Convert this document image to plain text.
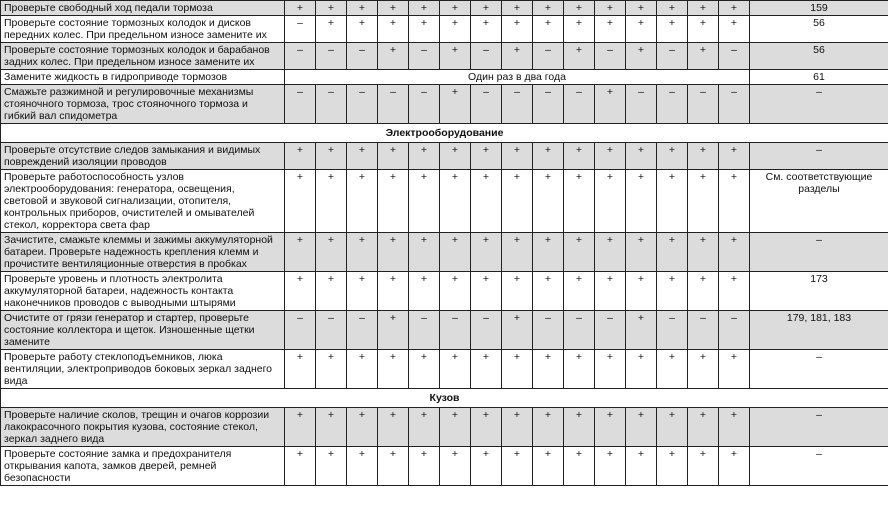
Проверьте свободный ход педали тормоза	+	+	+	+	+	+	+	+	+	+	+	+	+	+	+	159
Проверьте состояние тормозных колодок и дисков передних колес. При предельном износе замените их	–	+	+	+	+	+	+	+	+	+	+	+	+	+	+	56
Проверьте состояние тормозных колодок и барабанов задних колес. При предельном износе замените их	–	–	–	+	–	+	–	+	–	+	–	+	–	+	–	56
Замените жидкость в гидроприводе тормозов	Один раз в два года															61
Смажьте разжимной и регулировочные механизмы стояночного тормоза, трос стояночного тормоза и гибкий вал спидометра	–	–	–	–	–	+	–	–	–	–	+	–	–	–	–	–
Электрооборудование																
Проверьте отсутствие следов замыкания и видимых повреждений изоляции проводов	+	+	+	+	+	+	+	+	+	+	+	+	+	+	+	–
Проверьте работоспособность узлов электрооборудования: генератора, освещения, световой и звуковой сигнализации, отопителя, контрольных приборов, очистителей и омывателей стекол, корректора света фар	+	+	+	+	+	+	+	+	+	+	+	+	+	+	+	См. соответствующие разделы
Зачистите, смажьте клеммы и зажимы аккумуляторной батареи. Проверьте надежность крепления клемм и прочистите вентиляционные отверстия в пробках	+	+	+	+	+	+	+	+	+	+	+	+	+	+	+	–
Проверьте уровень и плотность электролита аккумуляторной батареи, надежность контакта наконечников проводов с выводными штырями	+	+	+	+	+	+	+	+	+	+	+	+	+	+	+	173
Очистите от грязи генератор и стартер, проверьте состояние коллектора и щеток. Изношенные щетки замените	–	–	–	+	–	–	–	+	–	–	–	+	–	–	–	179, 181, 183
Проверьте работу стеклоподъемников, люка вентиляции, электроприводов боковых зеркал заднего вида	+	+	+	+	+	+	+	+	+	+	+	+	+	+	+	–
Кузов																
Проверьте наличие сколов, трещин и очагов коррозии лакокрасочного покрытия кузова, состояние стекол, зеркал заднего вида	+	+	+	+	+	+	+	+	+	+	+	+	+	+	+	–
Проверьте состояние замка и предохранителя открывания капота, замков дверей, ремней безопасности	+	+	+	+	+	+	+	+	+	+	+	+	+	+	+	–
